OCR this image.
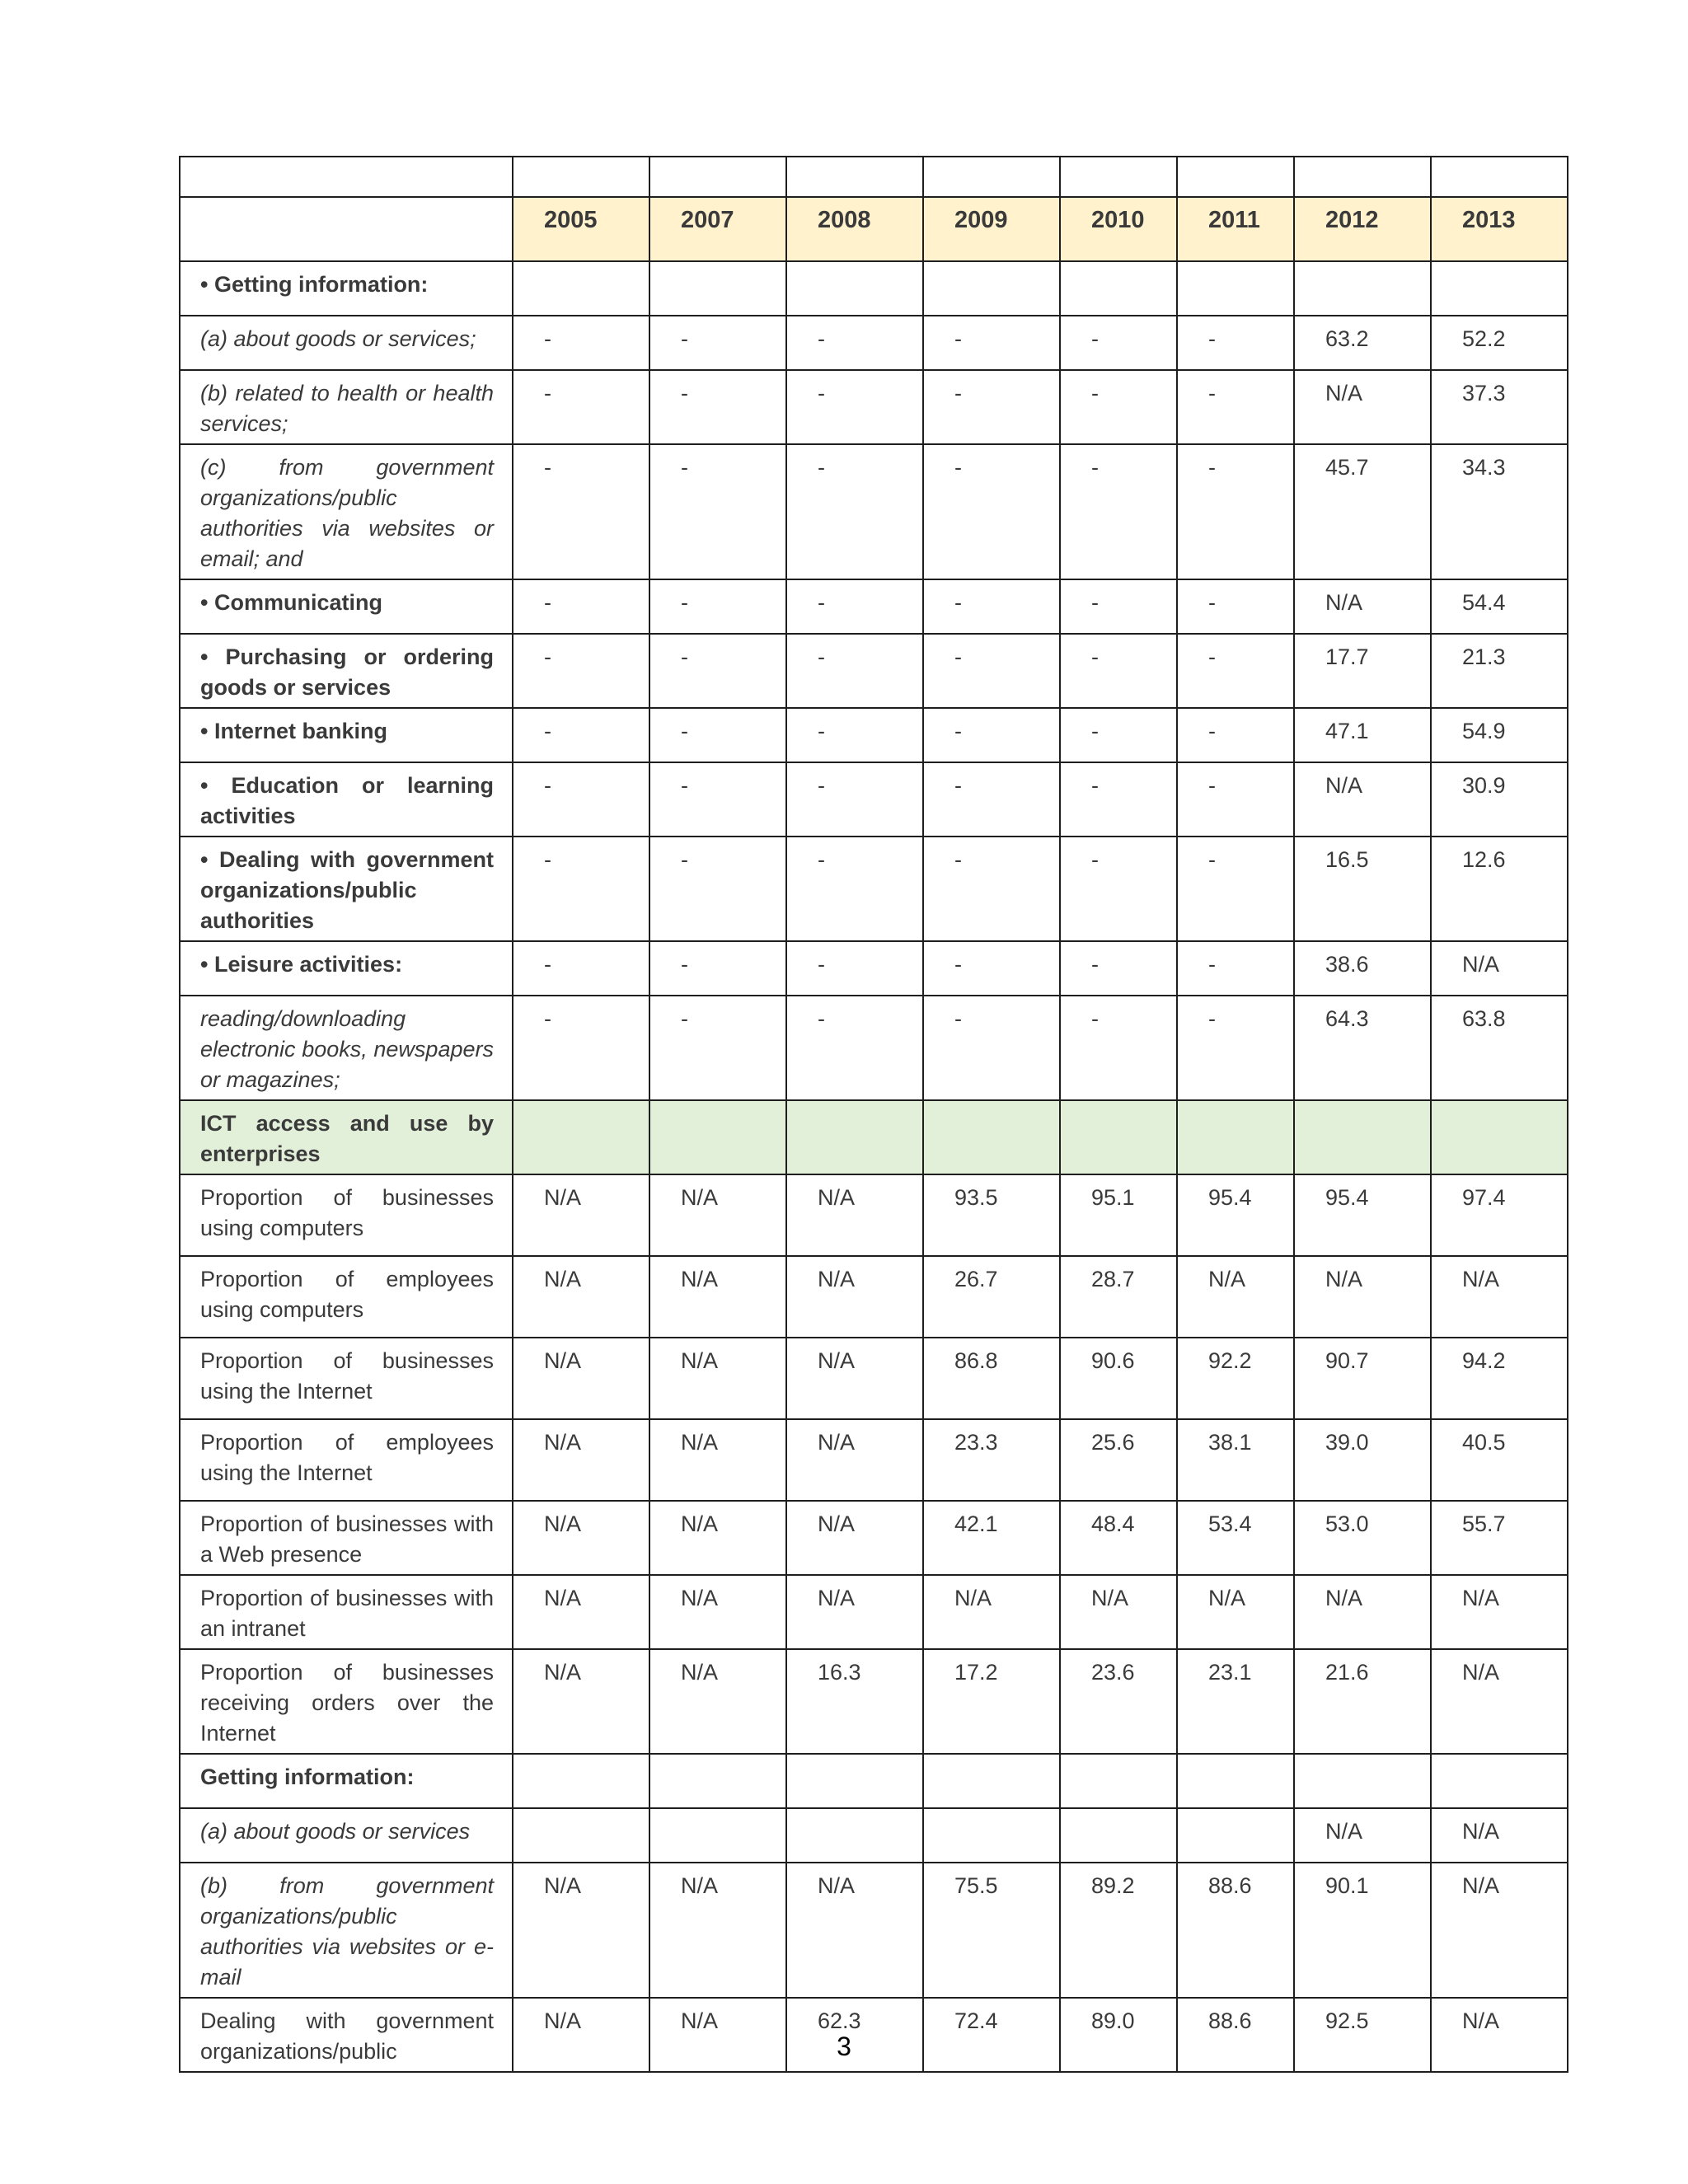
	2005	2007	2008	2009	2010	2011	2012	2013
• Getting information:								
(a) about goods or services;	-	-	-	-	-	-	63.2	52.2
(b) related to health or health services;	-	-	-	-	-	-	N/A	37.3
(c) from government organizations/public authorities via websites or email; and	-	-	-	-	-	-	45.7	34.3
• Communicating	-	-	-	-	-	-	N/A	54.4
• Purchasing or ordering goods or services	-	-	-	-	-	-	17.7	21.3
• Internet banking	-	-	-	-	-	-	47.1	54.9
• Education or learning activities	-	-	-	-	-	-	N/A	30.9
• Dealing with government organizations/public authorities	-	-	-	-	-	-	16.5	12.6
• Leisure activities:	-	-	-	-	-	-	38.6	N/A
reading/downloading electronic books, newspapers or magazines;	-	-	-	-	-	-	64.3	63.8
ICT access and use by enterprises								
Proportion of businesses using computers	N/A	N/A	N/A	93.5	95.1	95.4	95.4	97.4
Proportion of employees using computers	N/A	N/A	N/A	26.7	28.7	N/A	N/A	N/A
Proportion of businesses using the Internet	N/A	N/A	N/A	86.8	90.6	92.2	90.7	94.2
Proportion of employees using the Internet	N/A	N/A	N/A	23.3	25.6	38.1	39.0	40.5
Proportion of businesses with a Web presence	N/A	N/A	N/A	42.1	48.4	53.4	53.0	55.7
Proportion of businesses with an intranet	N/A	N/A	N/A	N/A	N/A	N/A	N/A	N/A
Proportion of businesses receiving orders over the Internet	N/A	N/A	16.3	17.2	23.6	23.1	21.6	N/A
Getting information:								
(a) about goods or services							N/A	N/A
(b) from government organizations/public authorities via websites or e-mail	N/A	N/A	N/A	75.5	89.2	88.6	90.1	N/A
Dealing with government organizations/public	N/A	N/A	62.3	72.4	89.0	88.6	92.5	N/A
3
